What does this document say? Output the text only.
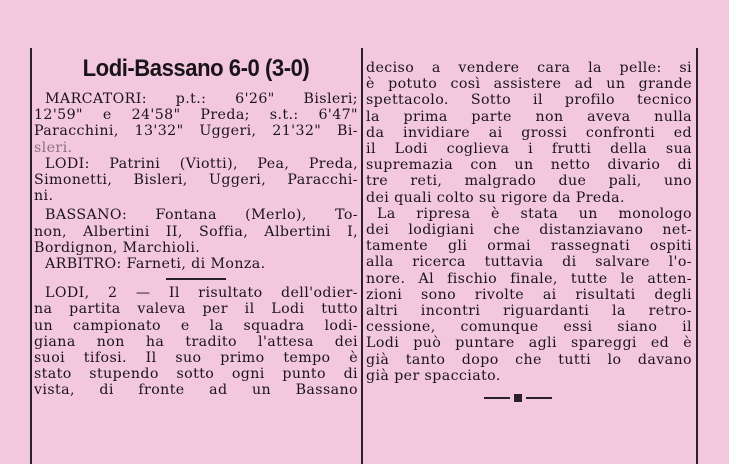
Lodi-Bassano 6-0 (3-0)
MARCATORI: p.t.: 6'26" Bisleri;
12'59" e 24'58" Preda; s.t.: 6'47"
Paracchini, 13'32" Uggeri, 21'32" Bi-
sleri.
LODI: Patrini (Viotti), Pea, Preda,
Simonetti, Bisleri, Uggeri, Paracchi-
ni.
BASSANO: Fontana (Merlo), To-
non, Albertini II, Soffia, Albertini I,
Bordignon, Marchioli.
ARBITRO: Farneti, di Monza.
LODI, 2 — Il risultato dell'odier-
na partita valeva per il Lodi tutto
un campionato e la squadra lodi-
giana non ha tradito l'attesa dei
suoi tifosi. Il suo primo tempo è
stato stupendo sotto ogni punto di
vista, di fronte ad un Bassano
deciso a vendere cara la pelle: si
è potuto così assistere ad un grande
spettacolo. Sotto il profilo tecnico
la prima parte non aveva nulla
da invidiare ai grossi confronti ed
il Lodi coglieva i frutti della sua
supremazia con un netto divario di
tre reti, malgrado due pali, uno
dei quali colto su rigore da Preda.
La ripresa è stata un monologo
dei lodigiani che distanziavano net-
tamente gli ormai rassegnati ospiti
alla ricerca tuttavia di salvare l'o-
nore. Al fischio finale, tutte le atten-
zioni sono rivolte ai risultati degli
altri incontri riguardanti la retro-
cessione, comunque essi siano il
Lodi può puntare agli spareggi ed è
già tanto dopo che tutti lo davano
già per spacciato.
